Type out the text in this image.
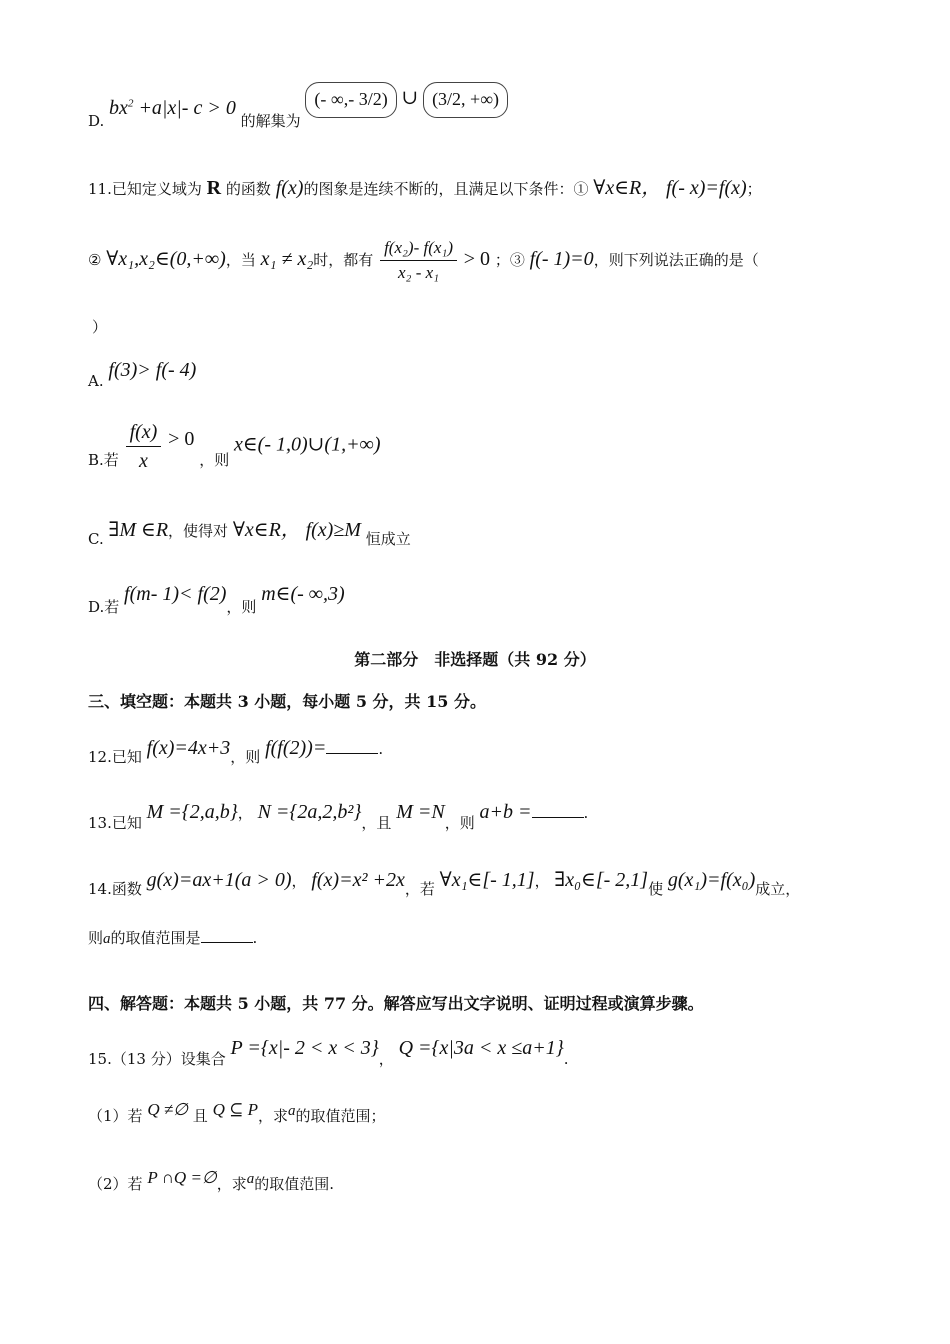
D. $bx^2 +a|x|-$ c > 0 的解集为 (- ∞,- 3/2) ∪ (3/2, +∞)
11.已知定义域为 R 的函数 f(x)的图象是连续不断的，且满足以下条件：① ∀x∈R， f(- x)=f(x)；
② ∀x₁,x₂∈(0,+∞)，当 x₁ ≠ x₂时，都有 $\frac{\text{f(x₂)- f(x₁)}}{\text{x₂ - x₁}} > 0$ ；③ f(- 1)=0，则下列说法正确的是（
）
A. f(3)> f(- 4)
B.若 $\frac{f(x)}{x} > 0$ ，则 x∈(- 1,0)∪(1,+∞)
C. ∃M ∈R，使得对 ∀x∈R， f(x)≥M 恒成立
D.若 f(m- 1)< f(2)，则 m∈(- ∞,3)
第二部分　非选择题（共 92 分）
三、填空题：本题共 3 小题，每小题 5 分，共 15 分。
12.已知 f(x)=4x+3，则 f(f(2))=	.
13.已知 M ={2,a,b}， N ={2a,2,b²}，且 M =N，则 a+b =	.
14.函数 g(x)=ax+1(a > 0)， f(x)=x² +2x，若 ∀x₁∈[- 1,1]， ∃x₀∈[- 2,1]使 g(x₁)=f(x₀)成立，
则a的取值范围是	.
四、解答题：本题共 5 小题，共 77 分。解答应写出文字说明、证明过程或演算步骤。
15.（13 分）设集合 P ={x|- 2 < x < 3}， Q ={x|3a < x ≤a+1}.
（1）若 Q ≠∅ 且 Q ⊆ P，求a的取值范围；
（2）若 P ∩Q =∅，求a的取值范围.
